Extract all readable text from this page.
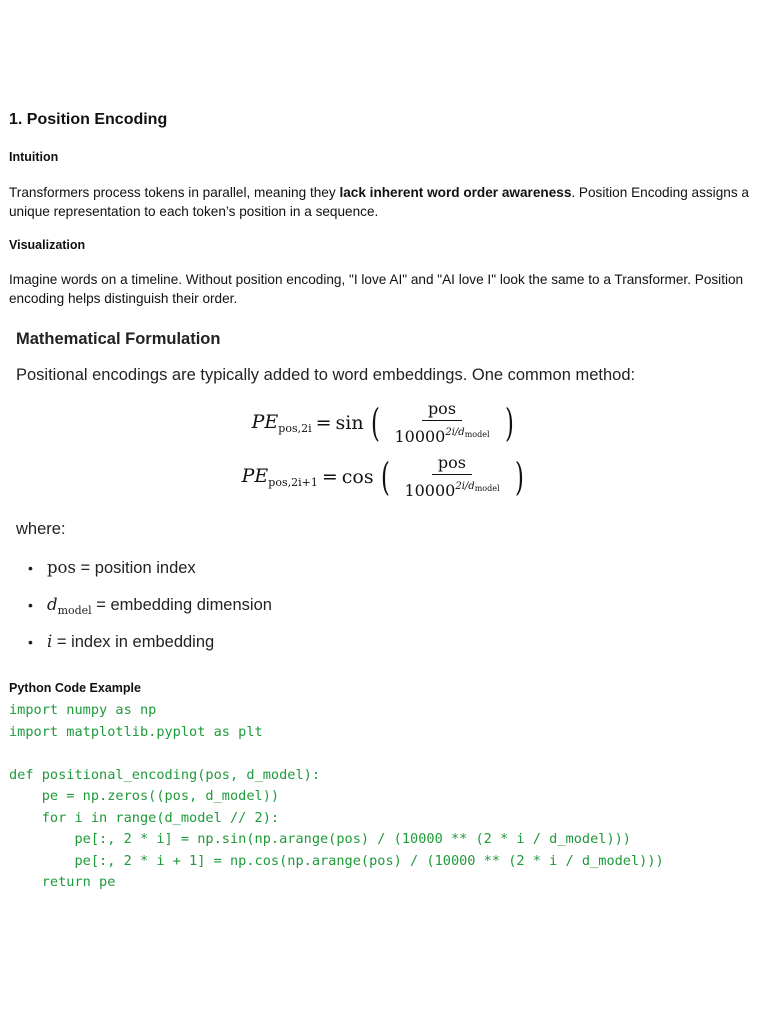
1. Position Encoding
Intuition

Transformers process tokens in parallel, meaning they lack inherent word order awareness. Position Encoding assigns a unique representation to each token’s position in a sequence.

Visualization

Imagine words on a timeline. Without position encoding, "I love AI" and "AI love I" look the same to a Transformer. Position encoding helps distinguish their order.

Mathematical Formulation

Positional encodings are typically added to word embeddings. One common method:

$PE_{pos,2i} = \sin$ ( $\frac{\text{pos}}{10000^{2i/d_{model}}}$ )
$PE_{pos,2i+1} = \cos$ ( $\frac{\text{pos}}{10000^{2i/d_{model}}}$ )

where:

• pos = position index
• $d_{model}$ = embedding dimension
• i = index in embedding
Python Code Example
import numpy as np
import matplotlib.pyplot as plt
def positional_encoding(pos, d_model):
pe = np.zeros((pos, d_model))
for i in range(d_model // 2):
pe[:, 2 * i] = np.sin(np.arange(pos) / (10000 ** (2 * i / d_model)))
pe[:, 2 * i + 1] = np.cos(np.arange(pos) / (10000 ** (2 * i / d_model)))
return pe
